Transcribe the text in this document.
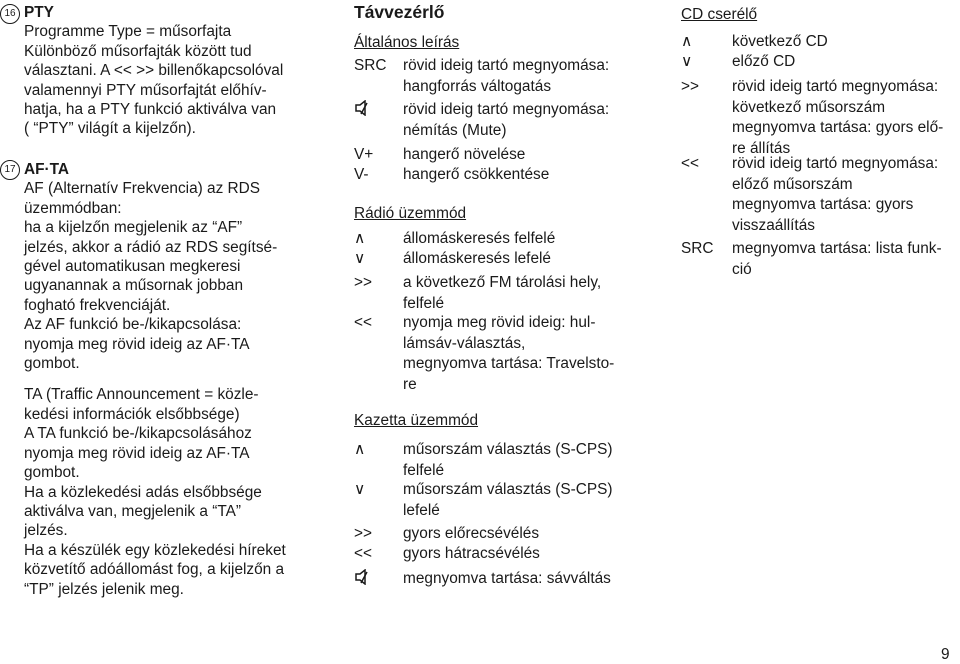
16 PTY

Programme Type = műsorfajta

Különböző műsorfajták között tud

választani. A << >> billenőkapcsolóval

valamennyi PTY műsorfajtát előhív-

hatja, ha a PTY funkció aktiválva van

( “PTY” világít a kijelzőn).

17 AF·TA

AF (Alternatív Frekvencia) az RDS

üzemmódban:

ha a kijelzőn megjelenik az “AF”

jelzés, akkor a rádió az RDS segítsé-

gével automatikusan megkeresi

ugyanannak a műsornak jobban

fogható frekvenciáját.

Az AF funkció be-/kikapcsolása:

nyomja meg rövid ideig az AF·TA

gombot.

TA (Traffic Announcement = közle-

kedési információk elsőbbsége)

A TA funkció be-/kikapcsolásához

nyomja meg rövid ideig az AF·TA

gombot.

Ha a közlekedési adás elsőbbsége

aktiválva van, megjelenik a “TA”

jelzés.

Ha a készülék egy közlekedési híreket

közvetítő adóállomást fog, a kijelzőn a

“TP” jelzés jelenik meg.

Távvezérlő
Általános leírás
SRC rövid ideig tartó megnyomása:

hangforrás váltogatás

rövid ideig tartó megnyomása:

némítás (Mute)

V+ hangerő növelése

V- hangerő csökkentése

Rádió üzemmód
∧ állomáskeresés felfelé

∨ állomáskeresés lefelé

>> a következő FM tárolási hely,

felfelé

<< nyomja meg rövid ideig: hul-

lámsáv-választás,

megnyomva tartása: Travelsto-

re

Kazetta üzemmód
∧ műsorszám választás (S-CPS)

felfelé

∨ műsorszám választás (S-CPS)

lefelé

>> gyors előrecsévélés

<< gyors hátracsévélés

megnyomva tartása: sávváltás

CD cserélő
∧	következő CD

∨	előző CD

>> rövid ideig tartó megnyomása:

következő műsorszám

megnyomva tartása: gyors elő-

re állítás

<< rövid ideig tartó megnyomása:

előző műsorszám

megnyomva tartása: gyors

visszaállítás

SRC megnyomva tartása: lista funk-

ció

9
